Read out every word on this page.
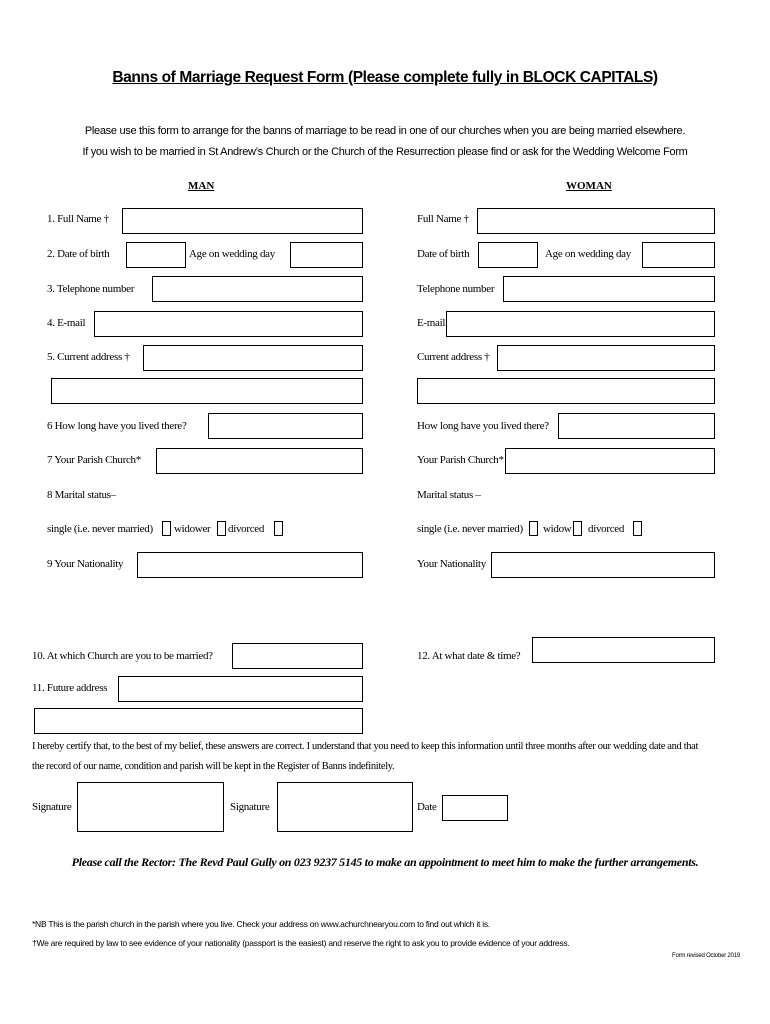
Banns of Marriage Request Form (Please complete fully in BLOCK CAPITALS)
Please use this form to arrange for the banns of marriage to be read in one of our churches when you are being married elsewhere.
If you wish to be married in St Andrew’s Church or the Church of the Resurrection please find or ask for the Wedding Welcome Form
MAN	WOMAN
1. Full Name †
2. Date of birth	Age on wedding day
3. Telephone number
4. E-mail
5. Current address †
6 How long have you lived there?
7 Your Parish Church*
8 Marital status–
single (i.e. never married) widower divorced
9 Your Nationality
Full Name †
Date of birth	Age on wedding day
Telephone number
E-mail
Current address †
How long have you lived there?
Your Parish Church*
Marital status –
single (i.e. never married) widow divorced
Your Nationality
10. At which Church are you to be married?	12. At what date & time?
11. Future address
I hereby certify that, to the best of my belief, these answers are correct. I understand that you need to keep this information until three months after our wedding date and that
the record of our name, condition and parish will be kept in the Register of Banns indefinitely.
Signature	Signature	Date
Please call the Rector: The Revd Paul Gully on 023 9237 5145 to make an appointment to meet him to make the further arrangements.
*NB This is the parish church in the parish where you live. Check your address on www.achurchnearyou.com to find out which it is.
†We are required by law to see evidence of your nationality (passport is the easiest) and reserve the right to ask you to provide evidence of your address.
Form revised October 2019
